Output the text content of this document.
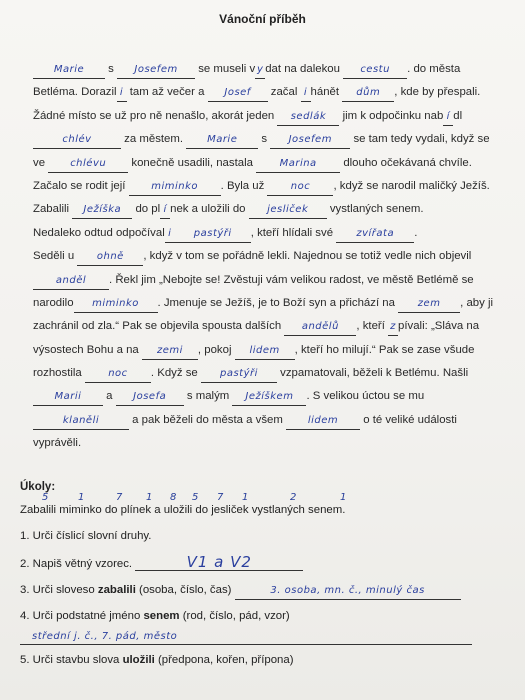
Vánoční příběh
Marie s Josefem se museli v y dat na dalekou cestu . do města
Betléma. Dorazil i tam až večer a Josef začal i hánět dům , kde by přespali.
Žádné místo se už pro ně nenašlo, akorát jeden sedlák jim k odpočinku nab í dl
chlév	za městem. Marie s Josefem se tam tedy vydali, když se
ve	chlévu konečně usadili, nastala	Marina dlouho očekávaná chvíle.
Začalo se rodit její	miminko . Byla už	noc , když se narodil maličký Ježíš.
Zabalili Ježíška do pl í nek a uložili do jesliček vystlaných senem.
Nedaleko odtud odpočíval i pastýři , kteří hlídali své zvířata .
Seděli u ohně , když v tom se pořádně lekli. Najednou se totiž vedle nich objevil
anděl . Řekl jim „Nebojte se! Zvěstuji vám velikou radost, ve městě Betlémě se
narodilo miminko . Jmenuje se Ježíš, je to Boží syn a přichází na zem , aby ji
zachránil od zla.“ Pak se objevila spousta dalších andělů , kteří z pívali: „Sláva na
výsostech Bohu a na zemi , pokoj lidem , kteří ho milují.“ Pak se zase všude
rozhostila	noc . Když se pastýři vzpamatovali, běželi k Betlému. Našli
Marii a Josefa s malým Ježíškem . S velikou úctou se mu
klaněli	a pak běželi do města a všem	lidem o té veliké události
vyprávěli.
Úkoly:
5	1	7 1 8 5 7 1	2	1
Zabalili miminko do plínek a uložili do jesliček vystlaných senem.
1. Urči číslicí slovní druhy.
2. Napiš větný vzorec.	V1 a V2
3. Urči sloveso zabalili (osoba, číslo, čas)	3. osoba, mn. č., minulý čas
4. Urči podstatné jméno senem (rod, číslo, pád, vzor)
střední j. č., 7. pád, město
5. Urči stavbu slova uložili (předpona, kořen, přípona)
